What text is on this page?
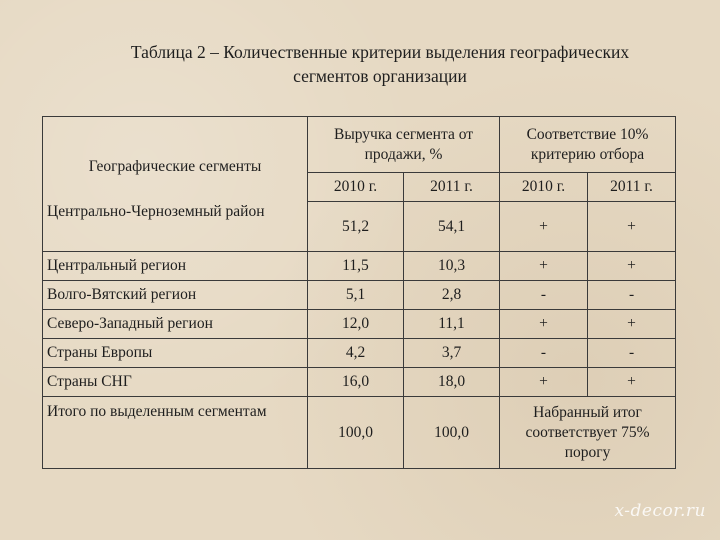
Таблица 2 – Количественные критерии выделения географических
сегментов организации
Географические сегменты	Выручка сегмента от продажи, %		Соответствие 10% критерию отбора	
	2010 г.	2011 г.	2010 г.	2011 г.
Центрально-Черноземный район	51,2	54,1	+	+
Центральный регион	11,5	10,3	+	+
Волго-Вятский регион	5,1	2,8	-	-
Северо-Западный регион	12,0	11,1	+	+
Страны Европы	4,2	3,7	-	-
Страны СНГ	16,0	18,0	+	+
Итого по выделенным сегментам	100,0	100,0	Набранный итог соответствует 75% порогу	
x-decor.ru
